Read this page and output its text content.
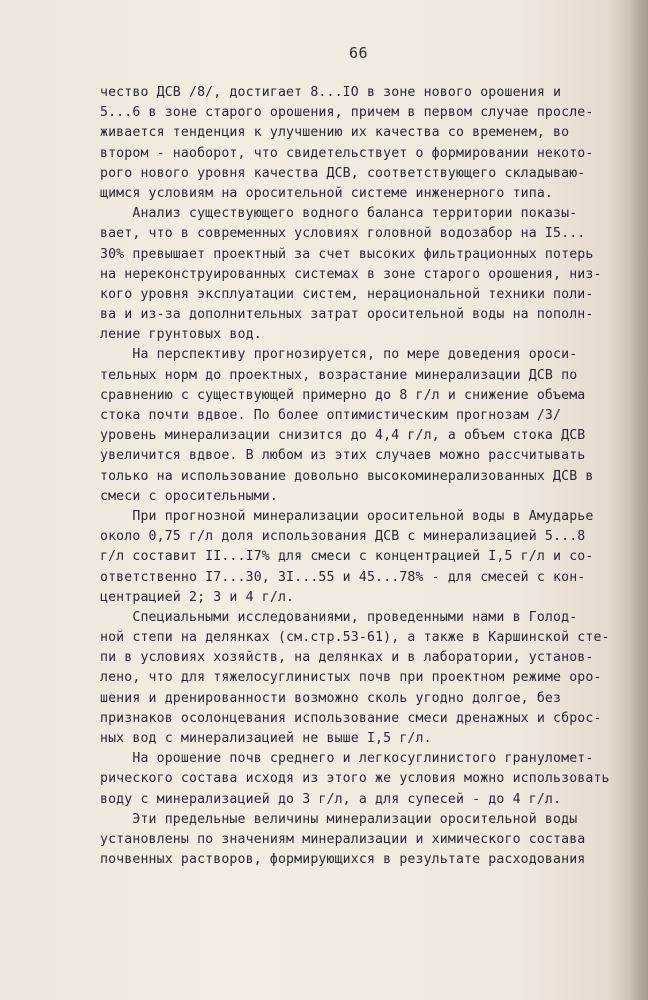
66
чество ДСВ /8/, достигает 8...IO в зоне нового орошения и
5...6 в зоне старого орошения, причем в первом случае просле-
живается тенденция к улучшению их качества со временем, во
втором - наоборот, что свидетельствует о формировании некото-
рого нового уровня качества ДСВ, соответствующего складываю-
щимся условиям на оросительной системе инженерного типа.
Анализ существующего водного баланса территории показы-
вает, что в современных условиях головной водозабор на I5...
30% превышает проектный за счет высоких фильтрационных потерь
на нереконструированных системах в зоне старого орошения, низ-
кого уровня эксплуатации систем, нерациональной техники поли-
ва и из-за дополнительных затрат оросительной воды на пополн-
ление грунтовых вод.
На перспективу прогнозируется, по мере доведения ороси-
тельных норм до проектных, возрастание минерализации ДСВ по
сравнению с существующей примерно до 8 г/л и снижение объема
стока почти вдвое. По более оптимистическим прогнозам /3/
уровень минерализации снизится до 4,4 г/л, а объем стока ДСВ
увеличится вдвое. В любом из этих случаев можно рассчитывать
только на использование довольно высокоминерализованных ДСВ в
смеси с оросительными.
При прогнозной минерализации оросительной воды в Амударье
около 0,75 г/л доля использования ДСВ с минерализацией 5...8
г/л составит II...I7% для смеси с концентрацией I,5 г/л и со-
ответственно I7...30, 3I...55 и 45...78% - для смесей с кон-
центрацией 2; 3 и 4 г/л.
Специальными исследованиями, проведенными нами в Голод-
ной степи на делянках (см.стр.53-61), а также в Каршинской сте-
пи в условиях хозяйств, на делянках и в лаборатории, установ-
лено, что для тяжелосуглинистых почв при проектном режиме оро-
шения и дренированности возможно сколь угодно долгое, без
признаков осолонцевания использование смеси дренажных и сброс-
ных вод с минерализацией не выше I,5 г/л.
На орошение почв среднего и легкосуглинистого грануломет-
рического состава исходя из этого же условия можно использовать
воду с минерализацией до 3 г/л, а для супесей - до 4 г/л.
Эти предельные величины минерализации оросительной воды
установлены по значениям минерализации и химического состава
почвенных растворов, формирующихся в результате расходования
